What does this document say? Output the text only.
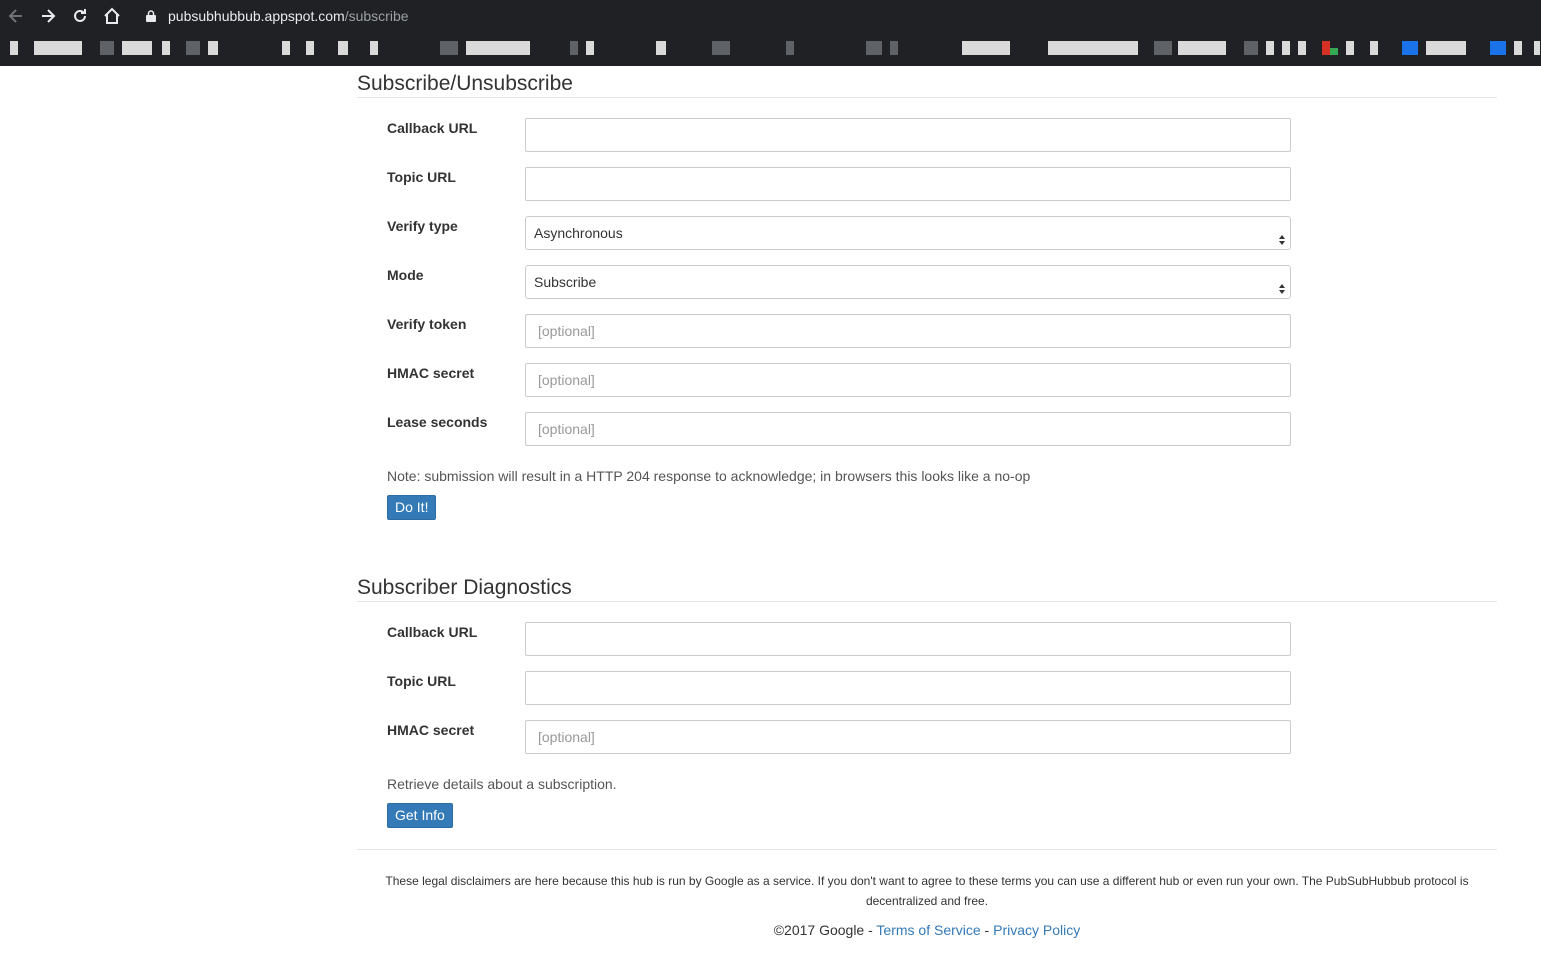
pubsubhubbub.appspot.com/subscribe
Subscribe/Unsubscribe
Callback URL
Topic URL
Verify type	Asynchronous
Mode	Subscribe
Verify token
[optional]
HMAC secret
[optional]
Lease seconds
[optional]

Note: submission will result in a HTTP 204 response to acknowledge; in browsers this looks like a no-op

Do It!
Subscriber Diagnostics
Callback URL
Topic URL
HMAC secret
[optional]

Retrieve details about a subscription.

Get Info

These legal disclaimers are here because this hub is run by Google as a service. If you don't want to agree to these terms you can use a different hub or even run your own. The PubSubHubbub protocol is
decentralized and free.

©2017 Google - Terms of Service - Privacy Policy
